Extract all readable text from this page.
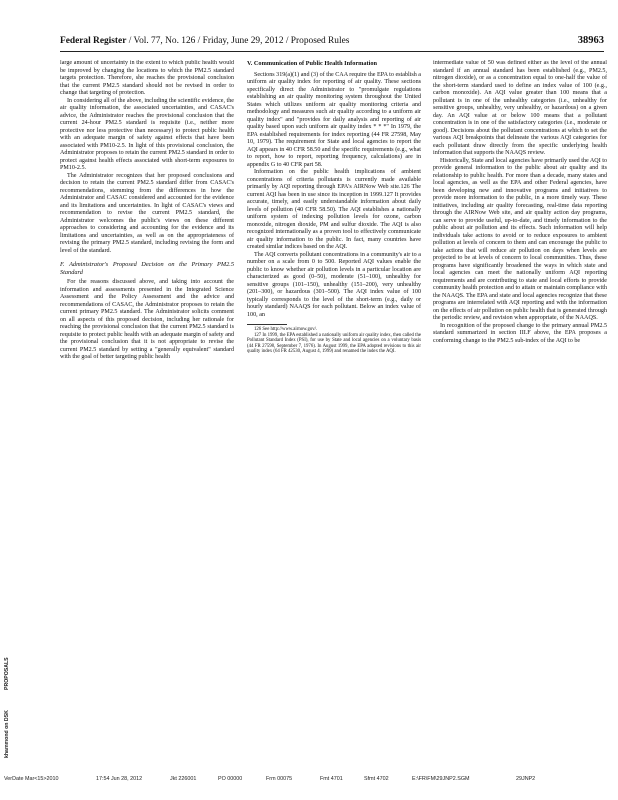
Federal Register / Vol. 77, No. 126 / Friday, June 29, 2012 / Proposed Rules	38963

large amount of uncertainty in the extent to which public health would be improved by changing the locations to which the PM2.5 standard targets protection. Therefore, she reaches the provisional conclusion that the current PM2.5 standard should not be revised in order to change that targeting of protection.

In considering all of the above, including the scientific evidence, the air quality information, the associated uncertainties, and CASAC's advice, the Administrator reaches the provisional conclusion that the current 24-hour PM2.5 standard is requisite (i.e., neither more protective nor less protective than necessary) to protect public health with an adequate margin of safety against effects that have been associated with PM10-2.5. In light of this provisional conclusion, the Administrator proposes to retain the current PM2.5 standard in order to protect against health effects associated with short-term exposures to PM10-2.5.

The Administrator recognizes that her proposed conclusions and decision to retain the current PM2.5 standard differ from CASAC's recommendations, stemming from the differences in how the Administrator and CASAC considered and accounted for the evidence and its limitations and uncertainties. In light of CASAC's views and recommendation to revise the current PM2.5 standard, the Administrator welcomes the public's views on these different approaches to considering and accounting for the evidence and its limitations and uncertainties, as well as on the appropriateness of revising the primary PM2.5 standard, including revising the form and level of the standard.

F. Administrator's Proposed Decision on the Primary PM2.5 Standard

For the reasons discussed above, and taking into account the information and assessments presented in the Integrated Science Assessment and the Policy Assessment and the advice and recommendations of CASAC, the Administrator proposes to retain the current primary PM2.5 standard. The Administrator solicits comment on all aspects of this proposed decision, including her rationale for reaching the provisional conclusion that the current PM2.5 standard is requisite to protect public health with an adequate margin of safety and the provisional conclusion that it is not appropriate to revise the current PM2.5 standard by setting a "generally equivalent" standard with the goal of better targeting public health

V. Communication of Public Health Information

Sections 319(a)(1) and (3) of the CAA require the EPA to establish a uniform air quality index for reporting of air quality. These sections specifically direct the Administrator to "promulgate regulations establishing an air quality monitoring system throughout the United States which utilizes uniform air quality monitoring criteria and methodology and measures such air quality according to a uniform air quality index" and "provides for daily analysis and reporting of air quality based upon such uniform air quality index * * *" In 1979, the EPA established requirements for index reporting (44 FR 27598, May 10, 1979). The requirement for State and local agencies to report the AQI appears in 40 CFR 58.50 and the specific requirements (e.g., what to report, how to report, reporting frequency, calculations) are in appendix G to 40 CFR part 58.

Information on the public health implications of ambient concentrations of criteria pollutants is currently made available primarily by AQI reporting through EPA's AIRNow Web site.126 The current AQI has been in use since its inception in 1999.127 It provides accurate, timely, and easily understandable information about daily levels of pollution (40 CFR 58.50). The AQI establishes a nationally uniform system of indexing pollution levels for ozone, carbon monoxide, nitrogen dioxide, PM and sulfur dioxide. The AQI is also recognized internationally as a proven tool to effectively communicate air quality information to the public. In fact, many countries have created similar indices based on the AQI.

The AQI converts pollutant concentrations in a community's air to a number on a scale from 0 to 500. Reported AQI values enable the public to know whether air pollution levels in a particular location are characterized as good (0–50), moderate (51–100), unhealthy for sensitive groups (101–150), unhealthy (151–200), very unhealthy (201–300), or hazardous (301–500). The AQI index value of 100 typically corresponds to the level of the short-term (e.g., daily or hourly standard) NAAQS for each pollutant. Below an index value of 100, an

126 See http://www.airnow.gov/.

127 In 1999, the EPA established a nationally uniform air quality index, then called the Pollutant Standard Index (PSI), for use by State and local agencies on a voluntary basis (44 FR 27598, September 7, 1976). In August 1999, the EPA adopted revisions to this air quality index (64 FR 42530, August 4, 1999) and renamed the index the AQI.

intermediate value of 50 was defined either as the level of the annual standard if an annual standard has been established (e.g., PM2.5, nitrogen dioxide), or as a concentration equal to one-half the value of the short-term standard used to define an index value of 100 (e.g., carbon monoxide). An AQI value greater than 100 means that a pollutant is in one of the unhealthy categories (i.e., unhealthy for sensitive groups, unhealthy, very unhealthy, or hazardous) on a given day. An AQI value at or below 100 means that a pollutant concentration is in one of the satisfactory categories (i.e., moderate or good). Decisions about the pollutant concentrations at which to set the various AQI breakpoints that delineate the various AQI categories for each pollutant draw directly from the specific underlying health information that supports the NAAQS review.

Historically, State and local agencies have primarily used the AQI to provide general information to the public about air quality and its relationship to public health. For more than a decade, many states and local agencies, as well as the EPA and other Federal agencies, have been developing new and innovative programs and initiatives to provide more information to the public, in a more timely way. These initiatives, including air quality forecasting, real-time data reporting through the AIRNow Web site, and air quality action day programs, can serve to provide useful, up-to-date, and timely information to the public about air pollution and its effects. Such information will help individuals take actions to avoid or to reduce exposures to ambient pollution at levels of concern to them and can encourage the public to take actions that will reduce air pollution on days when levels are projected to be at levels of concern to local communities. Thus, these programs have significantly broadened the ways in which state and local agencies can meet the nationally uniform AQI reporting requirements and are contributing to state and local efforts to provide community health protection and to attain or maintain compliance with the NAAQS. The EPA and state and local agencies recognize that these programs are interrelated with AQI reporting and with the information on the effects of air pollution on public health that is generated through the periodic review, and revision when appropriate, of the NAAQS.

In recognition of the proposed change to the primary annual PM2.5 standard summarized in section III.F above, the EPA proposes a conforming change to the PM2.5 sub-index of the AQI to be

khammond on DSK
PROPOSALS
VerDate Mar<15>2010	17:54 Jun 28, 2012	Jkt 226001	PO 00000	Frm 00075	Fmt 4701	Sfmt 4702	E:\FR\FM\29JNP2.SGM	29JNP2
